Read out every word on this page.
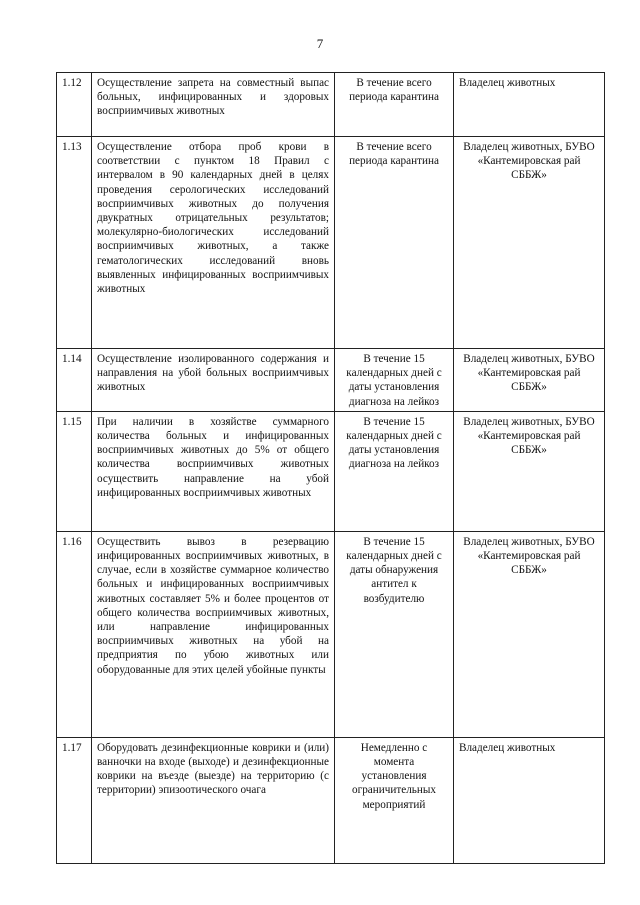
7
1.12	Осуществление запрета на совместный выпас больных, инфицированных и здоровых восприимчивых животных	В течение всего периода карантина	Владелец животных
1.13	Осуществление отбора проб крови в соответствии с пунктом 18 Правил с интервалом в 90 календарных дней в целях проведения серологических исследований восприимчивых животных до получения двукратных отрицательных результатов; молекулярно-биологических исследований восприимчивых животных, а также гематологических исследований вновь выявленных инфицированных восприимчивых животных	В течение всего периода карантина	Владелец животных, БУВО «Кантемировская рай СББЖ»
1.14	Осуществление изолированного содержания и направления на убой больных восприимчивых животных	В течение 15 календарных дней с даты установления диагноза на лейкоз	Владелец животных, БУВО «Кантемировская рай СББЖ»
1.15	При наличии в хозяйстве суммарного количества больных и инфицированных восприимчивых животных до 5% от общего количества восприимчивых животных осуществить направление на убой инфицированных восприимчивых животных	В течение 15 календарных дней с даты установления диагноза на лейкоз	Владелец животных, БУВО «Кантемировская рай СББЖ»
1.16	Осуществить вывоз в резервацию инфицированных восприимчивых животных, в случае, если в хозяйстве суммарное количество больных и инфицированных восприимчивых животных составляет 5% и более процентов от общего количества восприимчивых животных, или направление инфицированных восприимчивых животных на убой на предприятия по убою животных или оборудованные для этих целей убойные пункты	В течение 15 календарных дней с даты обнаружения антител к возбудителю	Владелец животных, БУВО «Кантемировская рай СББЖ»
1.17	Оборудовать дезинфекционные коврики и (или) ванночки на входе (выходе) и дезинфекционные коврики на въезде (выезде) на территорию (с территории) эпизоотического очага	Немедленно с момента установления ограничительных мероприятий	Владелец животных
